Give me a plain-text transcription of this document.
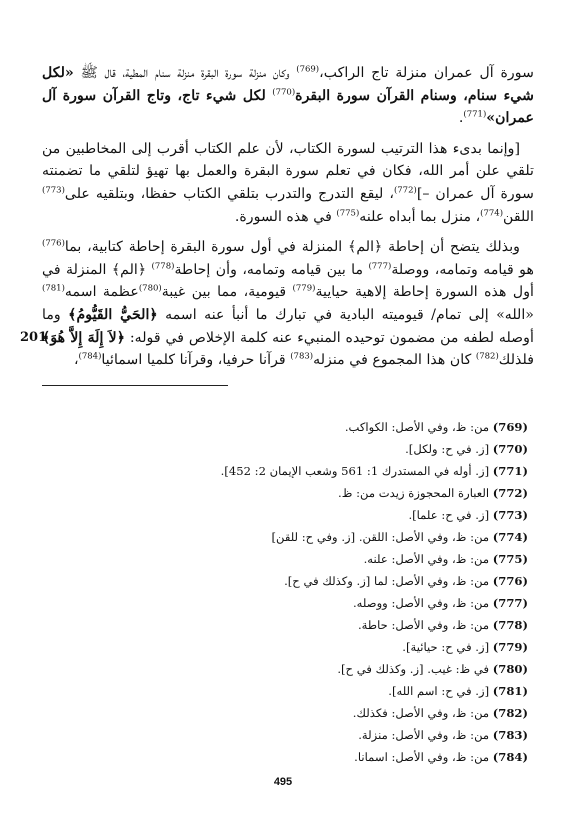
سورة آل عمران منزلة تاج الراكب،$^{(769)}$ وكان منزلة سورة البقرة منزلة سنام المطية، قال ﷺ «لكل شيء سنام، وسنام القرآن سورة البقرة$^{(770)}$ لكل شيء تاج، وتاج القرآن سورة آل عمران»$^{(771)}$.

[وإنما بدىء هذا الترتيب لسورة الكتاب، لأن علم الكتاب أقرب إلى المخاطبين من تلقي علن أمر الله، فكان في تعلم سورة البقرة والعمل بها تهيؤ لتلقي ما تضمنته سورة آل عمران –]$^{(772)}$، ليقع التدرج والتدرب بتلقي الكتاب حفظا، وبتلقيه على$^{(773)}$ اللقن$^{(774)}$، منزل بما أبداه علنه$^{(775)}$ في هذه السورة.

وبذلك يتضح أن إحاطة ﴿الم﴾ المنزلة في أول سورة البقرة إحاطة كتابية، بما$^{(776)}$ هو قيامه وتمامه، ووصلة$^{(777)}$ ما بين قيامه وتمامه، وأن إحاطة$^{(778)}$ ﴿الم﴾ المنزلة في أول هذه السورة إحاطة إلاهية حيايية$^{(779)}$ قيومية، مما بين غيبة$^{(780)}$عظمة اسمه$^{(781)}$ «الله» إلى تمام/ قيوميته البادية في تبارك ما أنبأ عنه اسمه ﴿الحَيُّ القَيُّومُ﴾ وما أوصله لطفه من مضمون توحيده المنبيء عنه كلمة الإخلاص في قوله: ﴿لاَ إِلَهَ إِلاَّ هُوَ﴾ فلذلك$^{(782)}$ كان هذا المجموع في منزله$^{(783)}$ قرآنا حرفيا، وقرآنا كلميا اسمائيا$^{(784)}$،

201
(769) من: ظ، وفي الأصل: الكواكب.
(770) [ز. في ح: ولكل].
(771) [ز. أوله في المستدرك 1: 561 وشعب الإيمان 2: 452].
(772) العبارة المحجوزة زيدت من: ظ.
(773) [ز. في ح: علما].
(774) من: ظ، وفي الأصل: اللقن. [ز. وفي ح: للقن]
(775) من: ظ، وفي الأصل: علنه.
(776) من: ظ، وفي الأصل: لما [ز. وكذلك في ح].
(777) من: ظ، وفي الأصل: ووصله.
(778) من: ظ، وفي الأصل: حاطة.
(779) [ز. في ح: حيائية].
(780) في ظ: غيب. [ز. وكذلك في ح].
(781) [ز. في ح: اسم الله].
(782) من: ظ، وفي الأصل: فكذلك.
(783) من: ظ، وفي الأصل: منزلة.
(784) من: ظ، وفي الأصل: اسمانا.
495
